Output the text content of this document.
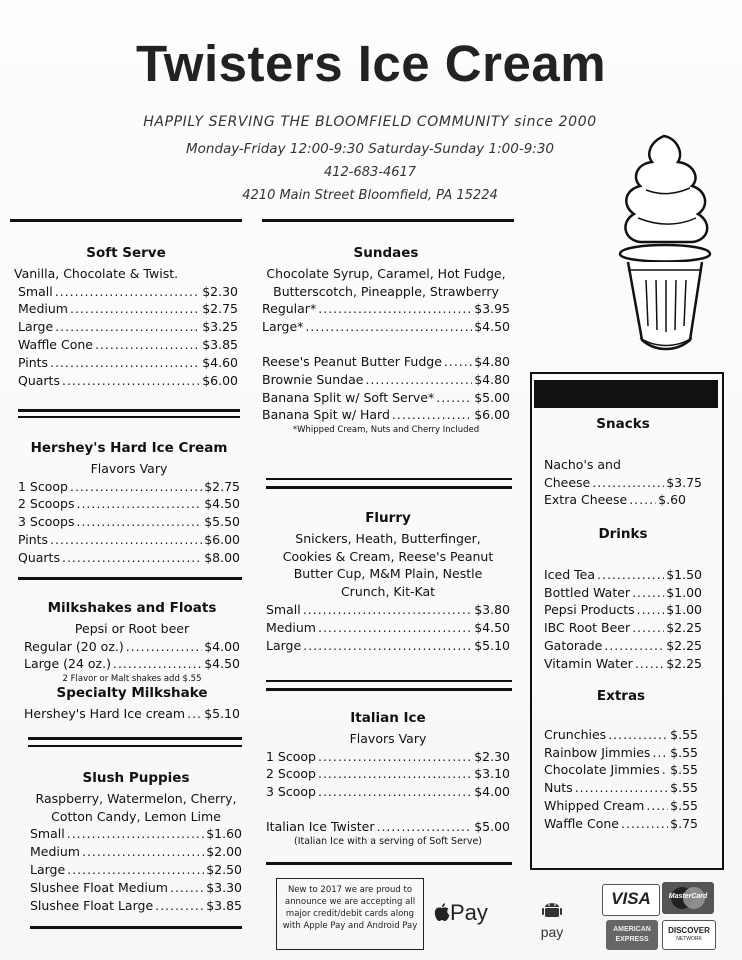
Twisters Ice Cream
HAPPILY SERVING THE BLOOMFIELD COMMUNITY since 2000
Monday-Friday 12:00-9:30 Saturday-Sunday 1:00-9:30
412-683-4617
4210 Main Street Bloomfield, PA 15224
Soft Serve
Vanilla, Chocolate & Twist.
Small .....	$2.30
Medium .....	$2.75
Large .....	$3.25
Waffle Cone .....	$3.85
Pints .....	$4.60
Quarts .....	$6.00
Hershey's Hard Ice Cream
Flavors Vary
1 Scoop .....	$2.75
2 Scoops .....	$4.50
3 Scoops .....	$5.50
Pints .....	$6.00
Quarts .....	$8.00
Milkshakes and Floats
Pepsi or Root beer
Regular (20 oz.) .....	$4.00
Large (24 oz.) .....	$4.50
2 Flavor or Malt shakes add $.55
Specialty Milkshake
Hershey's Hard Ice cream ..... $5.10
Slush Puppies
Raspberry, Watermelon, Cherry, Cotton Candy, Lemon Lime
Small .....	$1.60
Medium .....	$2.00
Large .....	$2.50
Slushee Float Medium .....	$3.30
Slushee Float Large .....	$3.85
Sundaes
Chocolate Syrup, Caramel, Hot Fudge, Butterscotch, Pineapple, Strawberry
Regular* .....	$3.95
Large* .....	$4.50
Reese's Peanut Butter Fudge .....	$4.80
Brownie Sundae .....	$4.80
Banana Split w/ Soft Serve* .....	$5.00
Banana Spit w/ Hard .....	$6.00
*Whipped Cream, Nuts and Cherry Included
Flurry
Snickers, Heath, Butterfinger, Cookies & Cream, Reese's Peanut Butter Cup, M&M Plain, Nestle Crunch, Kit-Kat
Small .....	$3.80
Medium .....	$4.50
Large .....	$5.10
Italian Ice
Flavors Vary
1 Scoop .....	$2.30
2 Scoop .....	$3.10
3 Scoop .....	$4.00
Italian Ice Twister .....	$5.00
(Italian Ice with a serving of Soft Serve)
Snacks
Nacho's and
Cheese .....	$3.75
Extra Cheese ..... $.60
Drinks
Iced Tea .....	$1.50
Bottled Water .....	$1.00
Pepsi Products .....	$1.00
IBC Root Beer .....	$2.25
Gatorade .....	$2.25
Vitamin Water .....	$2.25
Extras
Crunchies .....	$.55
Rainbow Jimmies ..... $.55
Chocolate Jimmies ..... $.55
Nuts .....	$.55
Whipped Cream ..... $.55
Waffle Cone .....	$.75
New to 2017 we are proud to announce we are accepting all major credit/debit cards along with Apple Pay and Android Pay
Pay
pay
VISA	MasterCard
AMERICAN
EXPRESS
DISCOVER
NETWORK
